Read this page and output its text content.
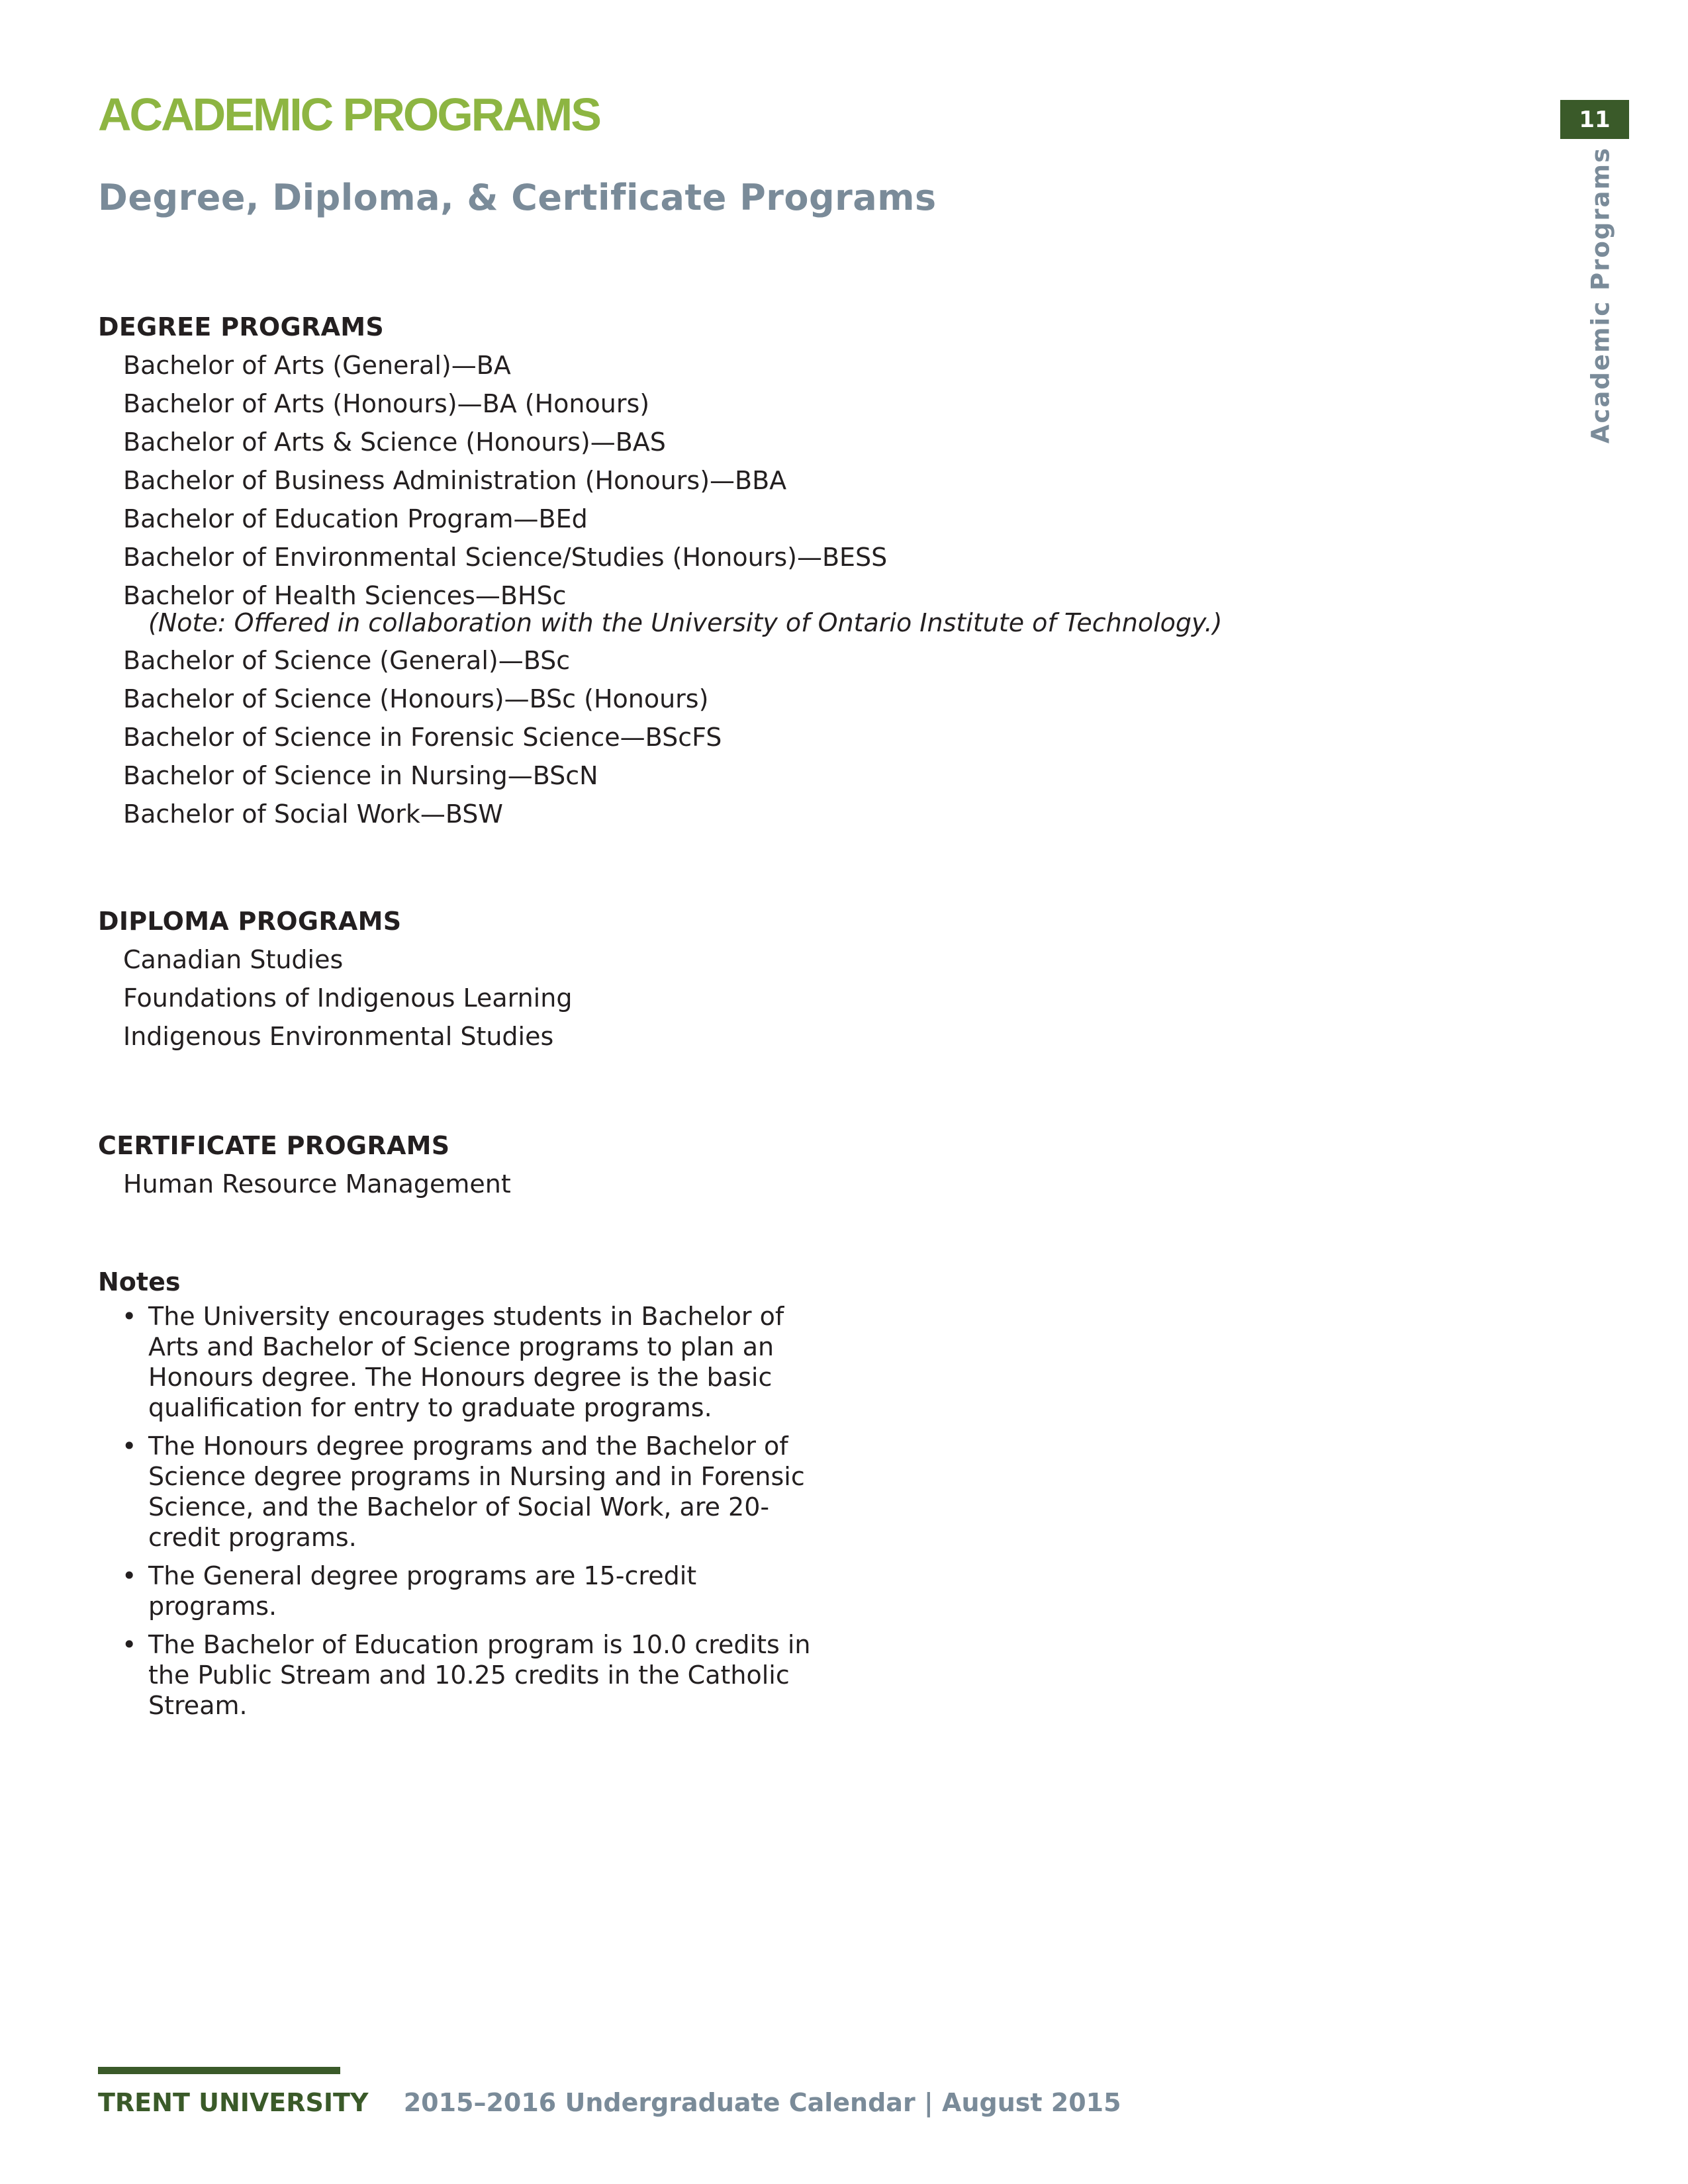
ACADEMIC PROGRAMS
Degree, Diploma, & Certificate Programs
11
Academic Programs
DEGREE PROGRAMS
Bachelor of Arts (General)—BA
Bachelor of Arts (Honours)—BA (Honours)
Bachelor of Arts & Science (Honours)—BAS
Bachelor of Business Administration (Honours)—BBA
Bachelor of Education Program—BEd
Bachelor of Environmental Science/Studies (Honours)—BESS
Bachelor of Health Sciences—BHSc
(Note: Offered in collaboration with the University of Ontario Institute of Technology.)
Bachelor of Science (General)—BSc
Bachelor of Science (Honours)—BSc (Honours)
Bachelor of Science in Forensic Science—BScFS
Bachelor of Science in Nursing—BScN
Bachelor of Social Work—BSW
DIPLOMA PROGRAMS
Canadian Studies
Foundations of Indigenous Learning
Indigenous Environmental Studies
CERTIFICATE PROGRAMS
Human Resource Management
Notes
• The University encourages students in Bachelor of Arts and Bachelor of Science programs to plan an Honours degree. The Honours degree is the basic qualification for entry to graduate programs.
• The Honours degree programs and the Bachelor of Science degree programs in Nursing and in Forensic Science, and the Bachelor of Social Work, are 20-credit programs.
• The General degree programs are 15-credit programs.
• The Bachelor of Education program is 10.0 credits in the Public Stream and 10.25 credits in the Catholic Stream.
TRENT UNIVERSITY 2015–2016 Undergraduate Calendar | August 2015
